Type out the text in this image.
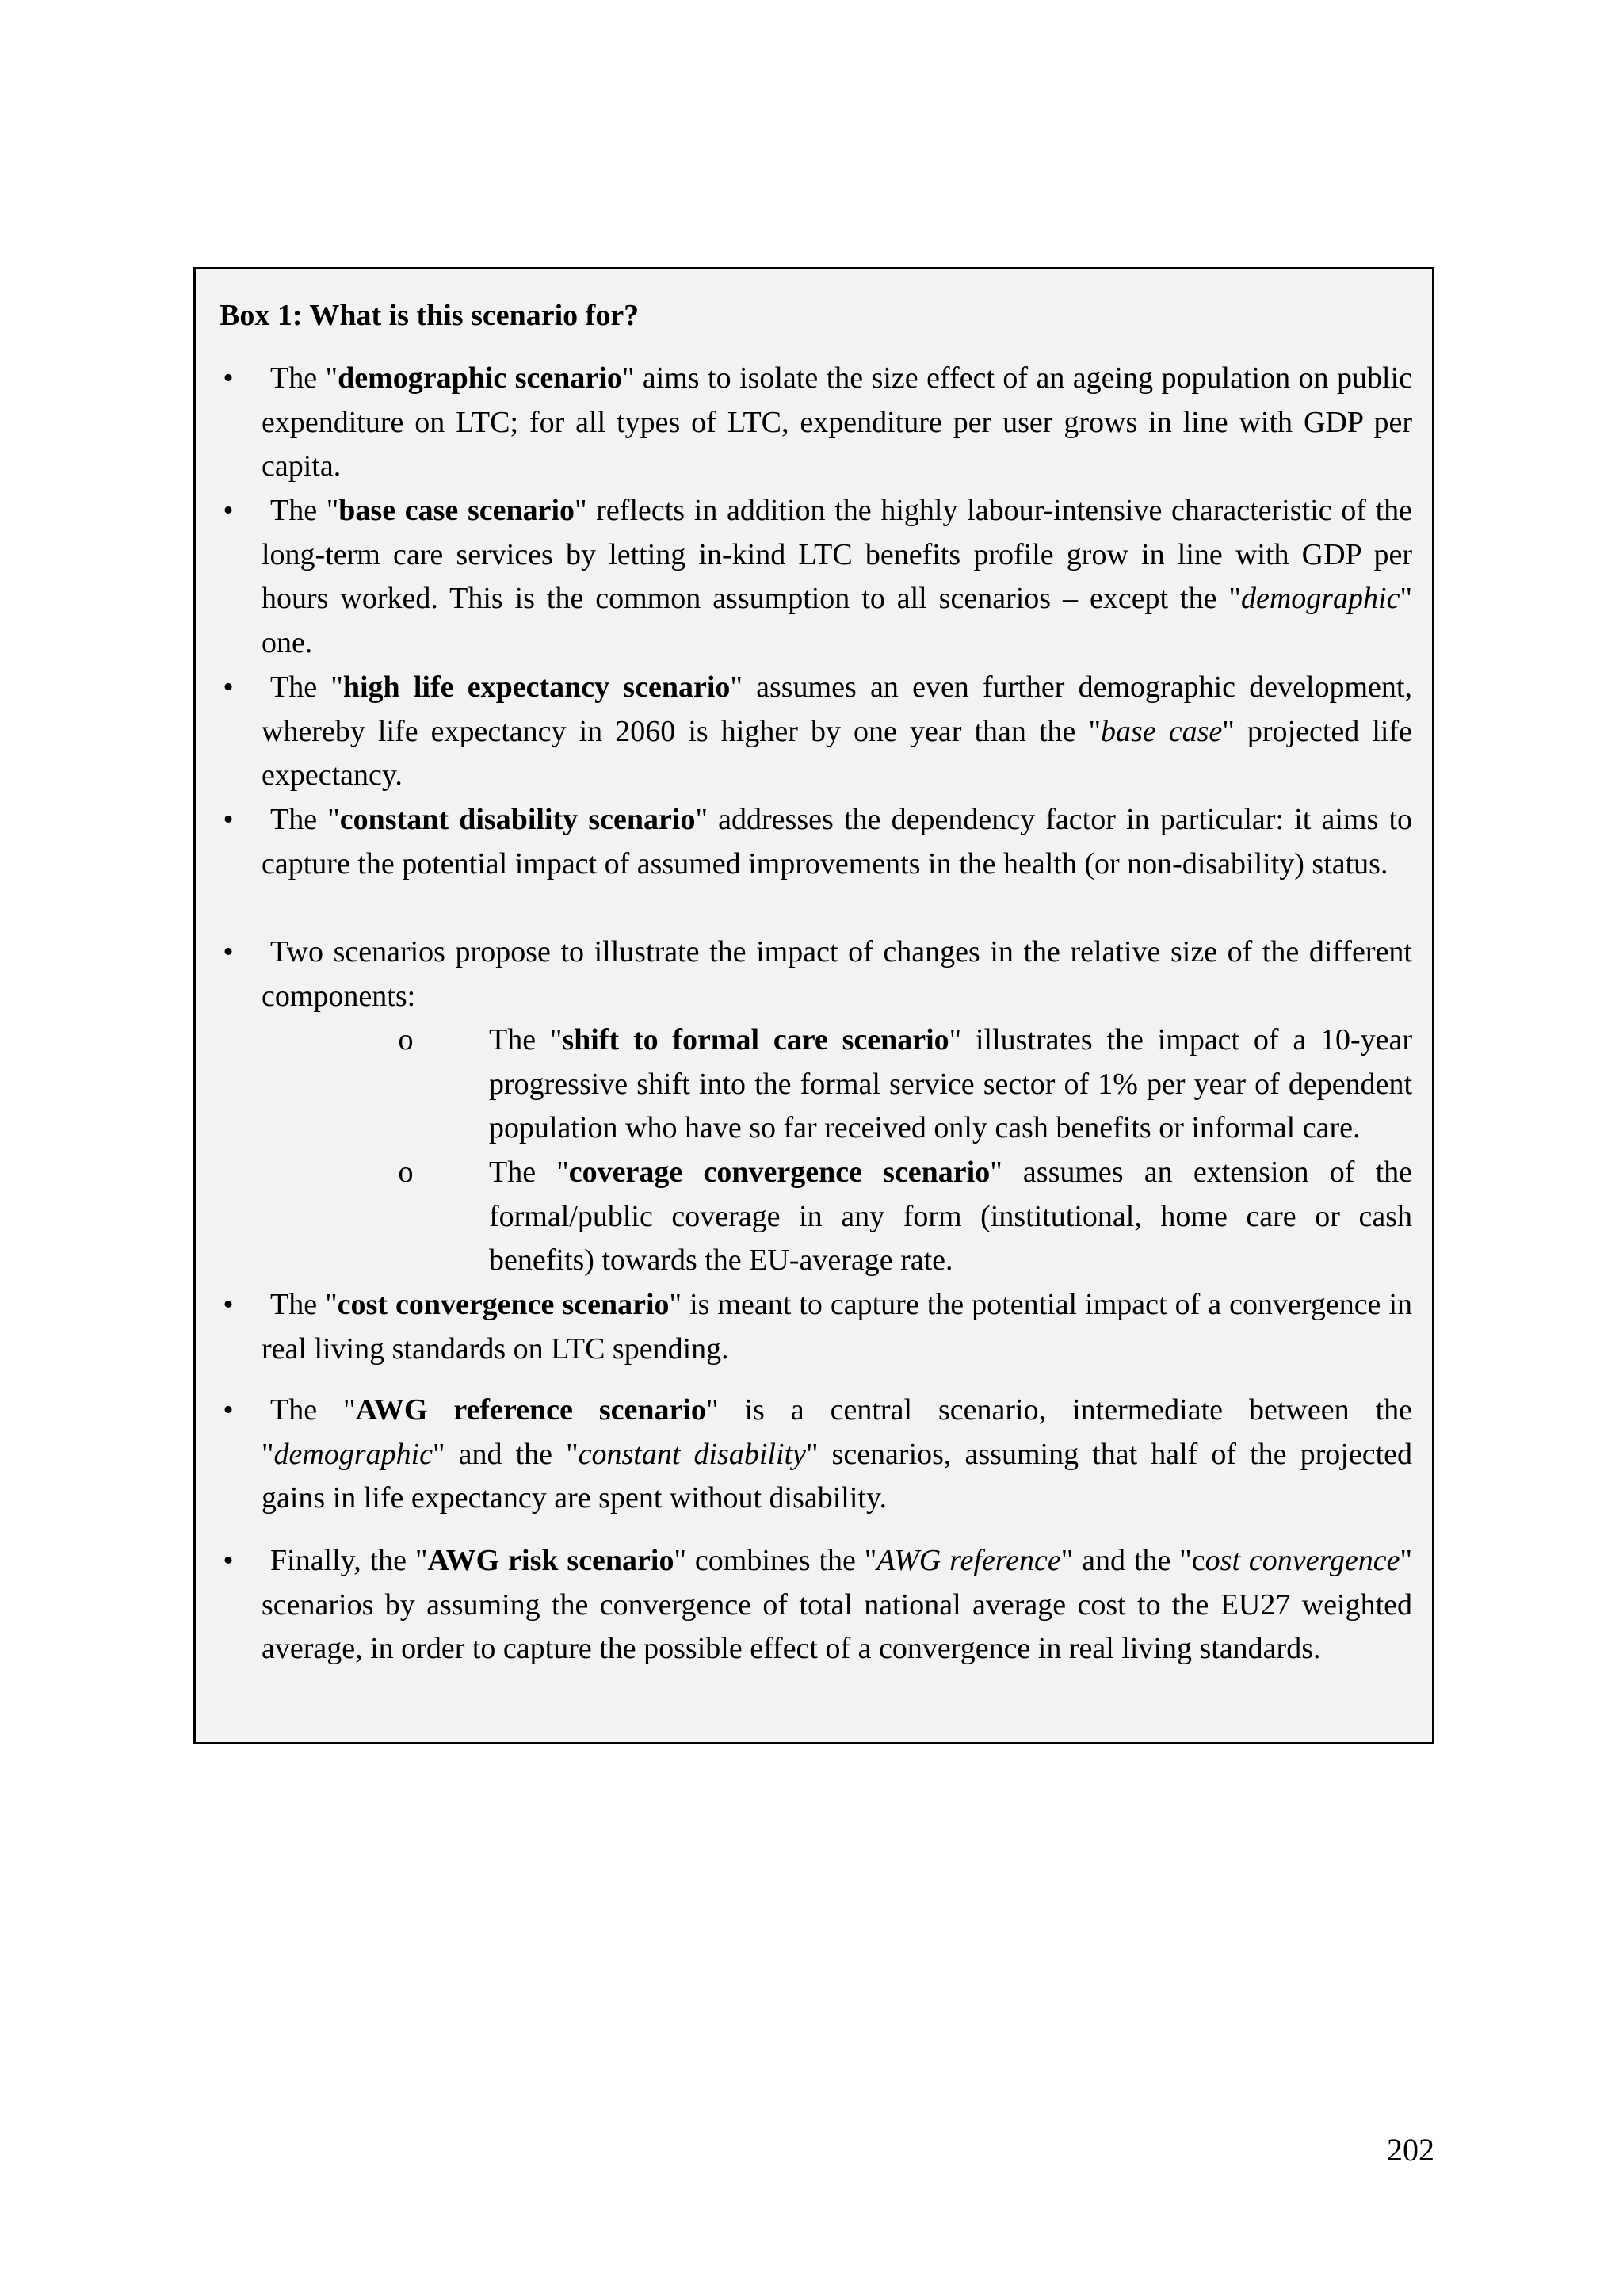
Box 1: What is this scenario for?

• The "demographic scenario" aims to isolate the size effect of an ageing population on public expenditure on LTC; for all types of LTC, expenditure per user grows in line with GDP per capita.
• The "base case scenario" reflects in addition the highly labour-intensive characteristic of the long-term care services by letting in-kind LTC benefits profile grow in line with GDP per hours worked. This is the common assumption to all scenarios – except the "demographic" one.
• The "high life expectancy scenario" assumes an even further demographic development, whereby life expectancy in 2060 is higher by one year than the "base case" projected life expectancy.
• The "constant disability scenario" addresses the dependency factor in particular: it aims to capture the potential impact of assumed improvements in the health (or non-disability) status.
• Two scenarios propose to illustrate the impact of changes in the relative size of the different components:
o	The "shift to formal care scenario" illustrates the impact of a 10-year progressive shift into the formal service sector of 1% per year of dependent population who have so far received only cash benefits or informal care.
o	The "coverage convergence scenario" assumes an extension of the formal/public coverage in any form (institutional, home care or cash benefits) towards the EU-average rate.
• The "cost convergence scenario" is meant to capture the potential impact of a convergence in real living standards on LTC spending.
• The "AWG reference scenario" is a central scenario, intermediate between the "demographic" and the "constant disability" scenarios, assuming that half of the projected gains in life expectancy are spent without disability.
• Finally, the "AWG risk scenario" combines the "AWG reference" and the "cost convergence" scenarios by assuming the convergence of total national average cost to the EU27 weighted average, in order to capture the possible effect of a convergence in real living standards.
202
